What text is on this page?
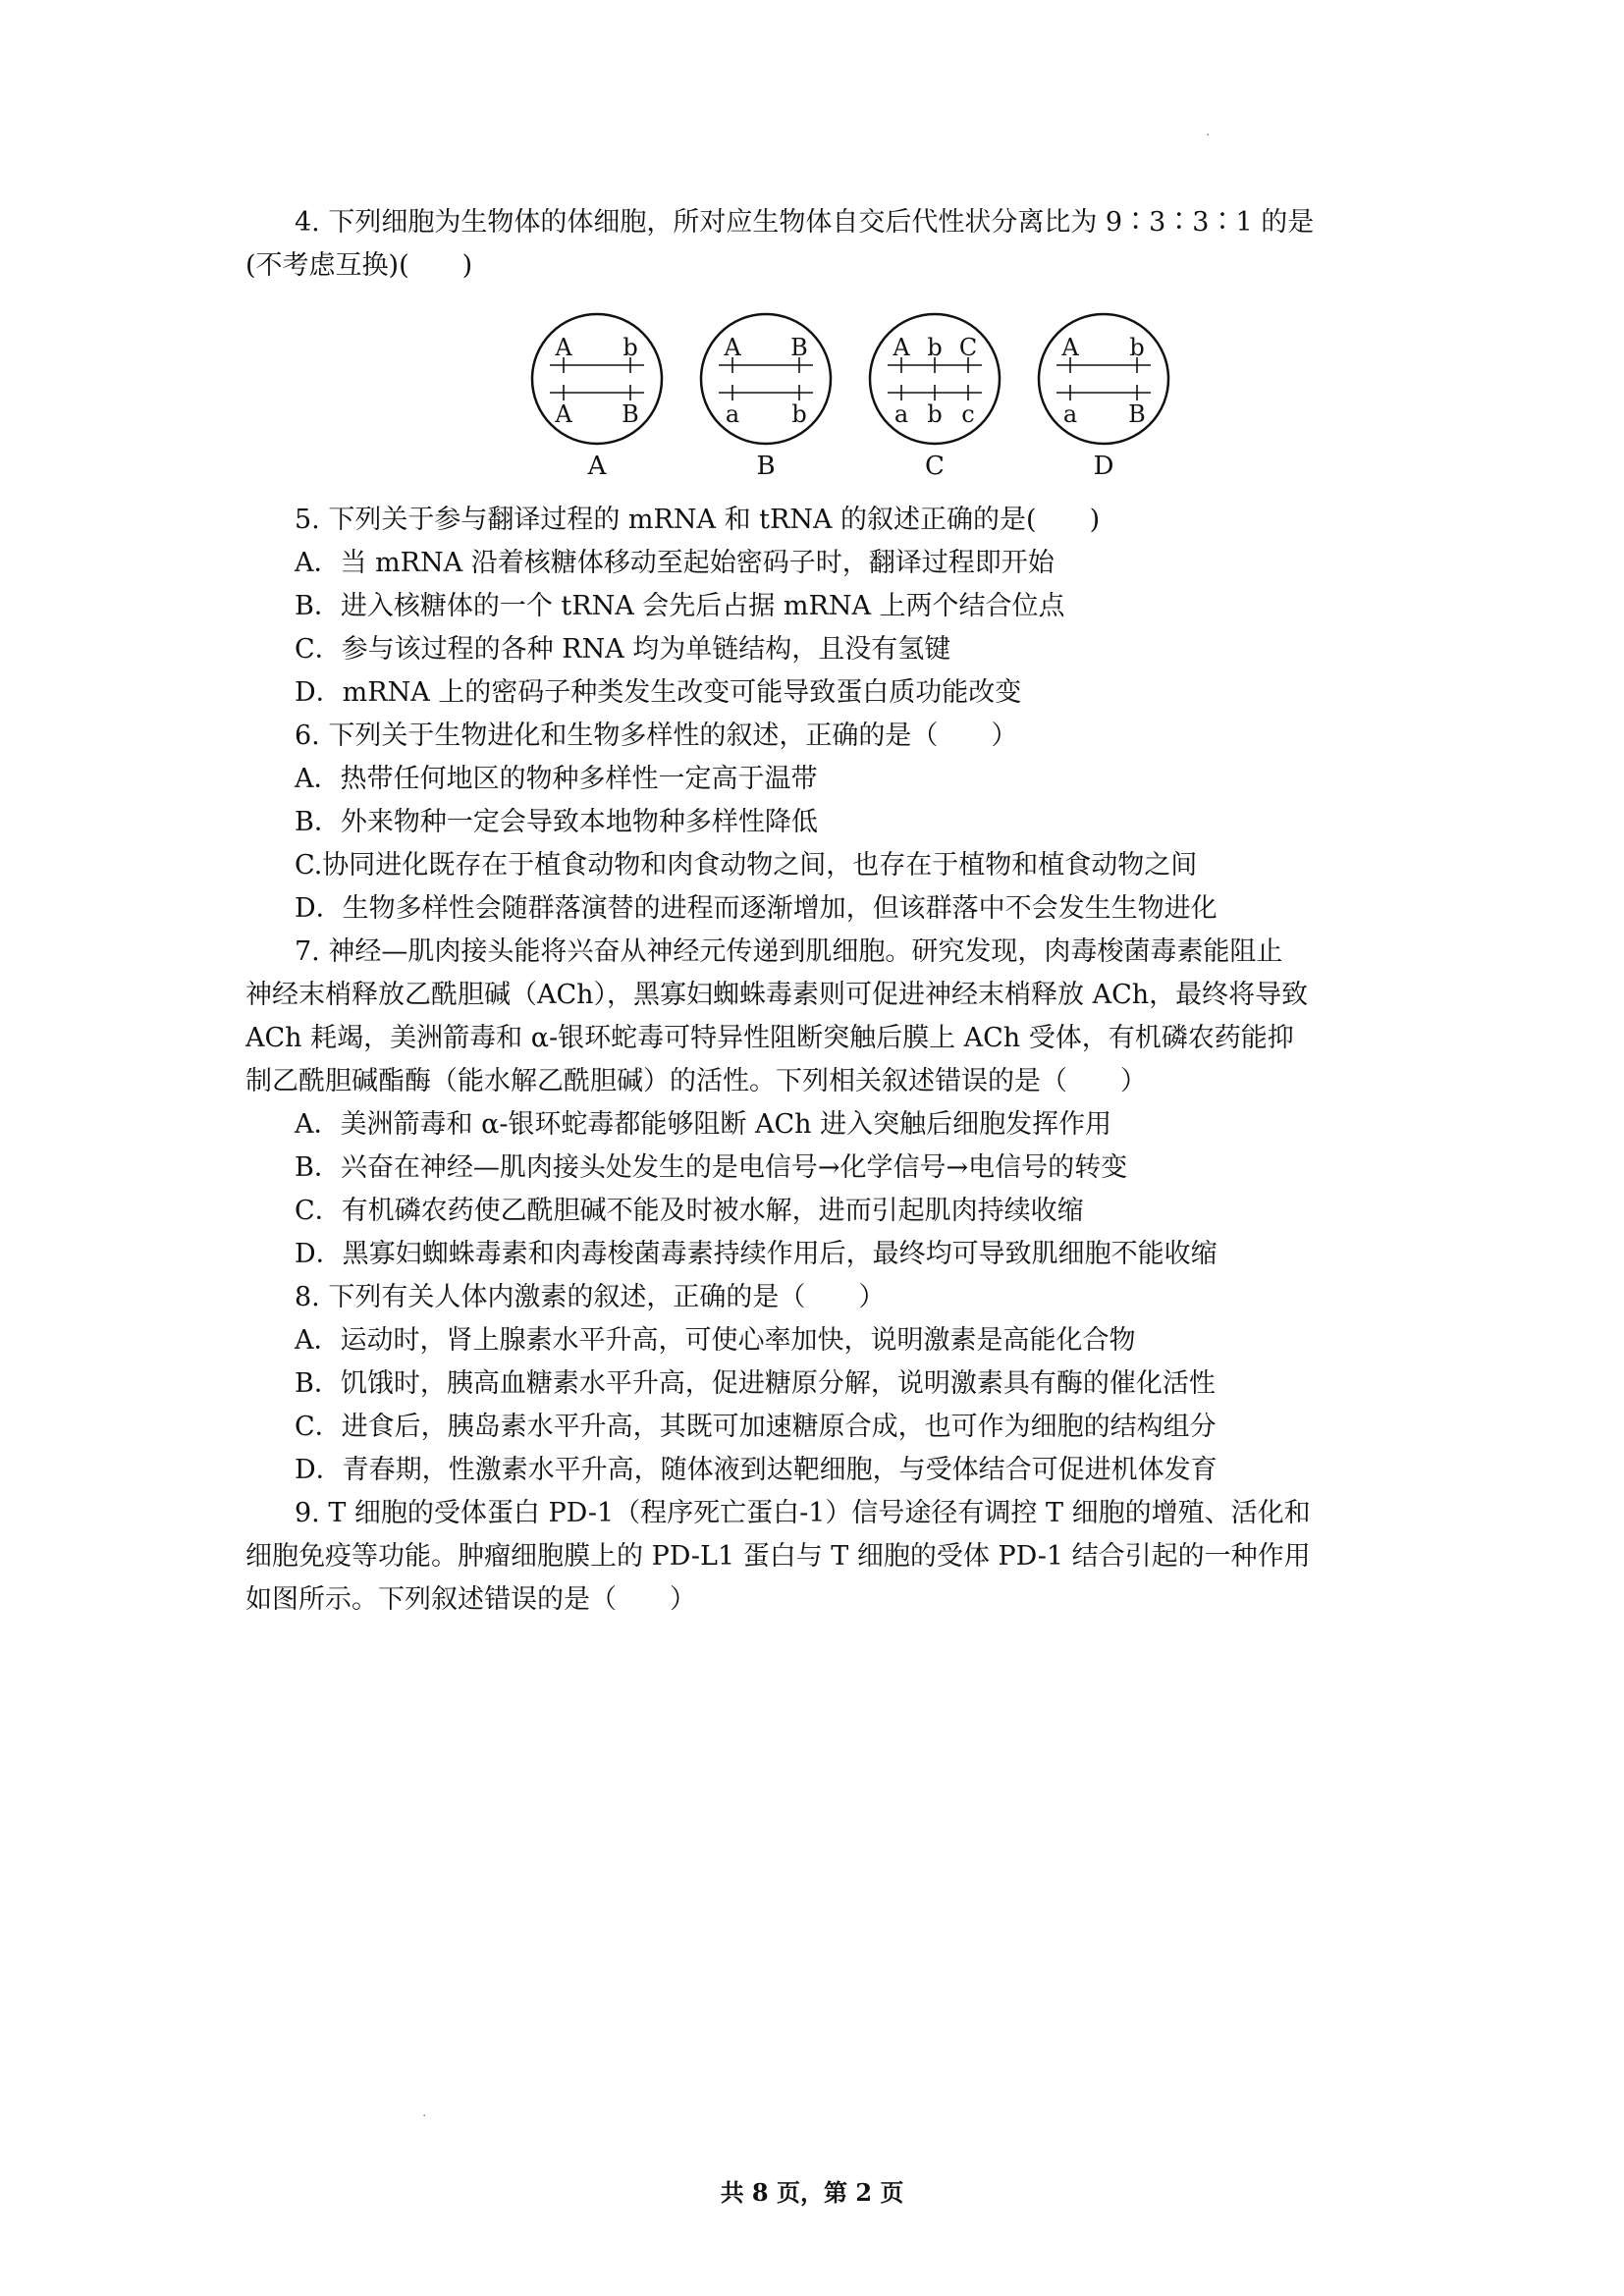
4. 下列细胞为生物体的体细胞，所对应生物体自交后代性状分离比为 9∶3∶3∶1 的是
(不考虑互换)(　　)
A
A
b
B
A
A
a
B
b
B
A
a
b
b
C
c
C
A
a
b
B
D
5. 下列关于参与翻译过程的 mRNA 和 tRNA 的叙述正确的是(　　)
A．当 mRNA 沿着核糖体移动至起始密码子时，翻译过程即开始
B．进入核糖体的一个 tRNA 会先后占据 mRNA 上两个结合位点
C．参与该过程的各种 RNA 均为单链结构，且没有氢键
D．mRNA 上的密码子种类发生改变可能导致蛋白质功能改变
6. 下列关于生物进化和生物多样性的叙述，正确的是（　　）
A．热带任何地区的物种多样性一定高于温带
B．外来物种一定会导致本地物种多样性降低
C.协同进化既存在于植食动物和肉食动物之间，也存在于植物和植食动物之间
D．生物多样性会随群落演替的进程而逐渐增加，但该群落中不会发生生物进化
7. 神经—肌肉接头能将兴奋从神经元传递到肌细胞。研究发现，肉毒梭菌毒素能阻止
神经末梢释放乙酰胆碱（ACh），黑寡妇蜘蛛毒素则可促进神经末梢释放 ACh，最终将导致
ACh 耗竭，美洲箭毒和 α-银环蛇毒可特异性阻断突触后膜上 ACh 受体，有机磷农药能抑
制乙酰胆碱酯酶（能水解乙酰胆碱）的活性。下列相关叙述错误的是（　　）
A．美洲箭毒和 α-银环蛇毒都能够阻断 ACh 进入突触后细胞发挥作用
B．兴奋在神经—肌肉接头处发生的是电信号→化学信号→电信号的转变
C．有机磷农药使乙酰胆碱不能及时被水解，进而引起肌肉持续收缩
D．黑寡妇蜘蛛毒素和肉毒梭菌毒素持续作用后，最终均可导致肌细胞不能收缩
8. 下列有关人体内激素的叙述，正确的是（　　）
A．运动时，肾上腺素水平升高，可使心率加快，说明激素是高能化合物
B．饥饿时，胰高血糖素水平升高，促进糖原分解，说明激素具有酶的催化活性
C．进食后，胰岛素水平升高，其既可加速糖原合成，也可作为细胞的结构组分
D．青春期，性激素水平升高，随体液到达靶细胞，与受体结合可促进机体发育
9. T 细胞的受体蛋白 PD-1（程序死亡蛋白-1）信号途径有调控 T 细胞的增殖、活化和
细胞免疫等功能。肿瘤细胞膜上的 PD-L1 蛋白与 T 细胞的受体 PD-1 结合引起的一种作用
如图所示。下列叙述错误的是（　　）
共 8 页，第 2 页
·
·
